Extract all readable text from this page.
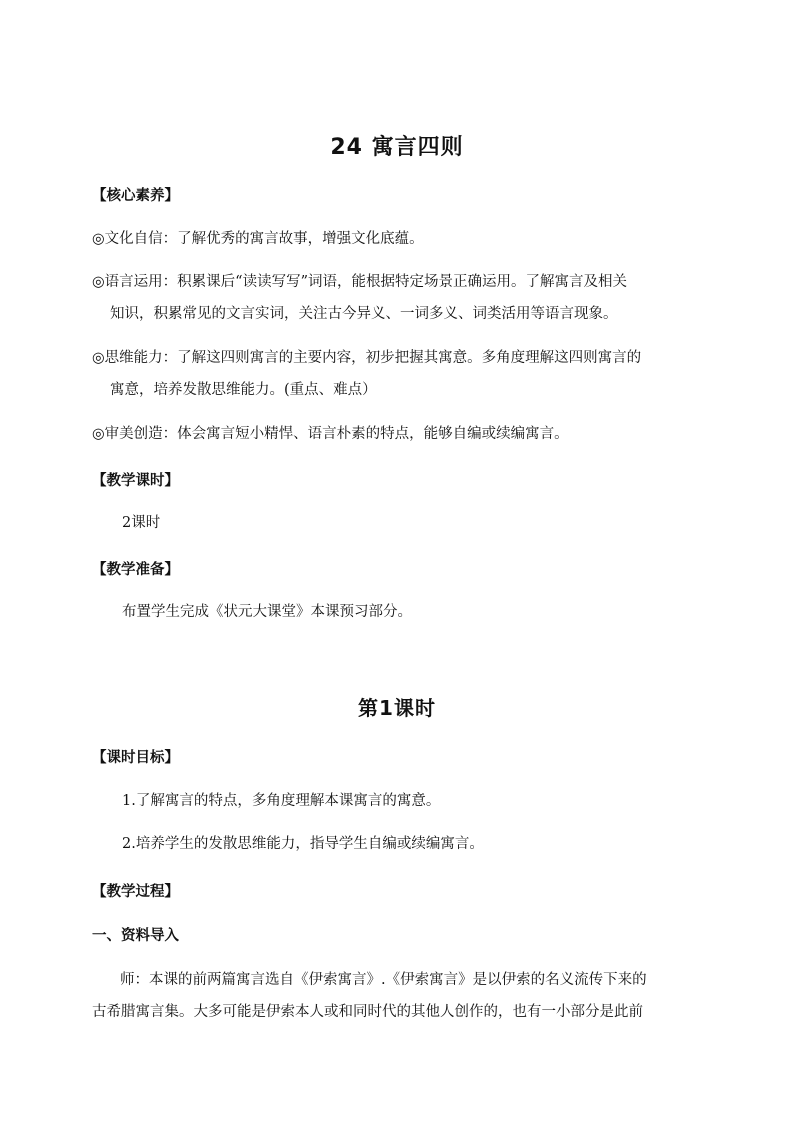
24 寓言四则
【核心素养】
◎文化自信：了解优秀的寓言故事，增强文化底蕴。
◎语言运用：积累课后“读读写写”词语，能根据特定场景正确运用。了解寓言及相关
知识，积累常见的文言实词，关注古今异义、一词多义、词类活用等语言现象。
◎思维能力：了解这四则寓言的主要内容，初步把握其寓意。多角度理解这四则寓言的
寓意，培养发散思维能力。(重点、难点）
◎审美创造：体会寓言短小精悍、语言朴素的特点，能够自编或续编寓言。
【教学课时】
2课时
【教学准备】
布置学生完成《状元大课堂》本课预习部分。
第1课时
【课时目标】
1.了解寓言的特点，多角度理解本课寓言的寓意。
2.培养学生的发散思维能力，指导学生自编或续编寓言。
【教学过程】
一、资料导入
师：本课的前两篇寓言选自《伊索寓言》.《伊索寓言》是以伊索的名义流传下来的
古希腊寓言集。大多可能是伊索本人或和同时代的其他人创作的，也有一小部分是此前
